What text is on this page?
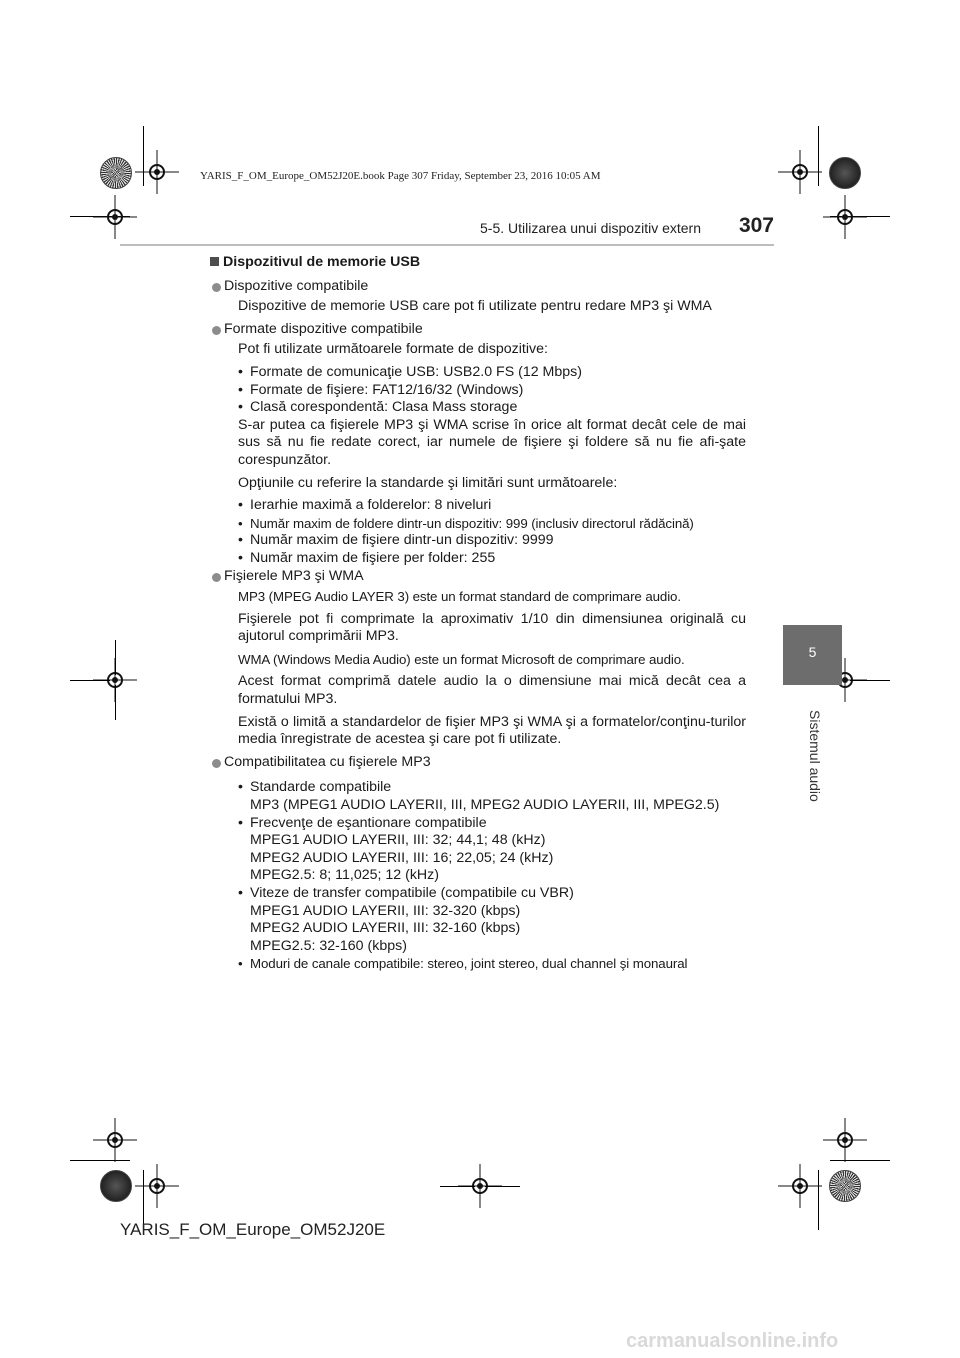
YARIS_F_OM_Europe_OM52J20E.book Page 307 Friday, September 23, 2016 10:05 AM
5-5. Utilizarea unui dispozitiv extern	307
5
Sistemul audio
Dispozitivul de memorie USB
Dispozitive compatibile
Dispozitive de memorie USB care pot fi utilizate pentru redare MP3 şi WMA
Formate dispozitive compatibile
Pot fi utilizate următoarele formate de dispozitive:
• Formate de comunicaţie USB: USB2.0 FS (12 Mbps)
• Formate de fişiere: FAT12/16/32 (Windows)
• Clasă corespondentă: Clasa Mass storage
S-ar putea ca fişierele MP3 şi WMA scrise în orice alt format decât cele de mai sus să nu fie redate corect, iar numele de fişiere şi foldere să nu fie afi-şate corespunzător.
Opţiunile cu referire la standarde şi limitări sunt următoarele:
• Ierarhie maximă a folderelor: 8 niveluri
• Număr maxim de foldere dintr-un dispozitiv: 999 (inclusiv directorul rădăcină)
• Număr maxim de fişiere dintr-un dispozitiv: 9999
• Număr maxim de fişiere per folder: 255
Fişierele MP3 şi WMA
MP3 (MPEG Audio LAYER 3) este un format standard de comprimare audio.
Fişierele pot fi comprimate la aproximativ 1/10 din dimensiunea originală cu ajutorul comprimării MP3.
WMA (Windows Media Audio) este un format Microsoft de comprimare audio.
Acest format comprimă datele audio la o dimensiune mai mică decât cea a formatului MP3.
Există o limită a standardelor de fişier MP3 şi WMA şi a formatelor/conţinu-turilor media înregistrate de acestea şi care pot fi utilizate.
Compatibilitatea cu fişierele MP3
• Standarde compatibile
MP3 (MPEG1 AUDIO LAYERII, III, MPEG2 AUDIO LAYERII, III, MPEG2.5)
• Frecvenţe de eşantionare compatibile
MPEG1 AUDIO LAYERII, III: 32; 44,1; 48 (kHz)
MPEG2 AUDIO LAYERII, III: 16; 22,05; 24 (kHz)
MPEG2.5: 8; 11,025; 12 (kHz)
• Viteze de transfer compatibile (compatibile cu VBR)
MPEG1 AUDIO LAYERII, III: 32-320 (kbps)
MPEG2 AUDIO LAYERII, III: 32-160 (kbps)
MPEG2.5: 32-160 (kbps)
• Moduri de canale compatibile: stereo, joint stereo, dual channel şi monaural
YARIS_F_OM_Europe_OM52J20E
carmanualsonline.info
